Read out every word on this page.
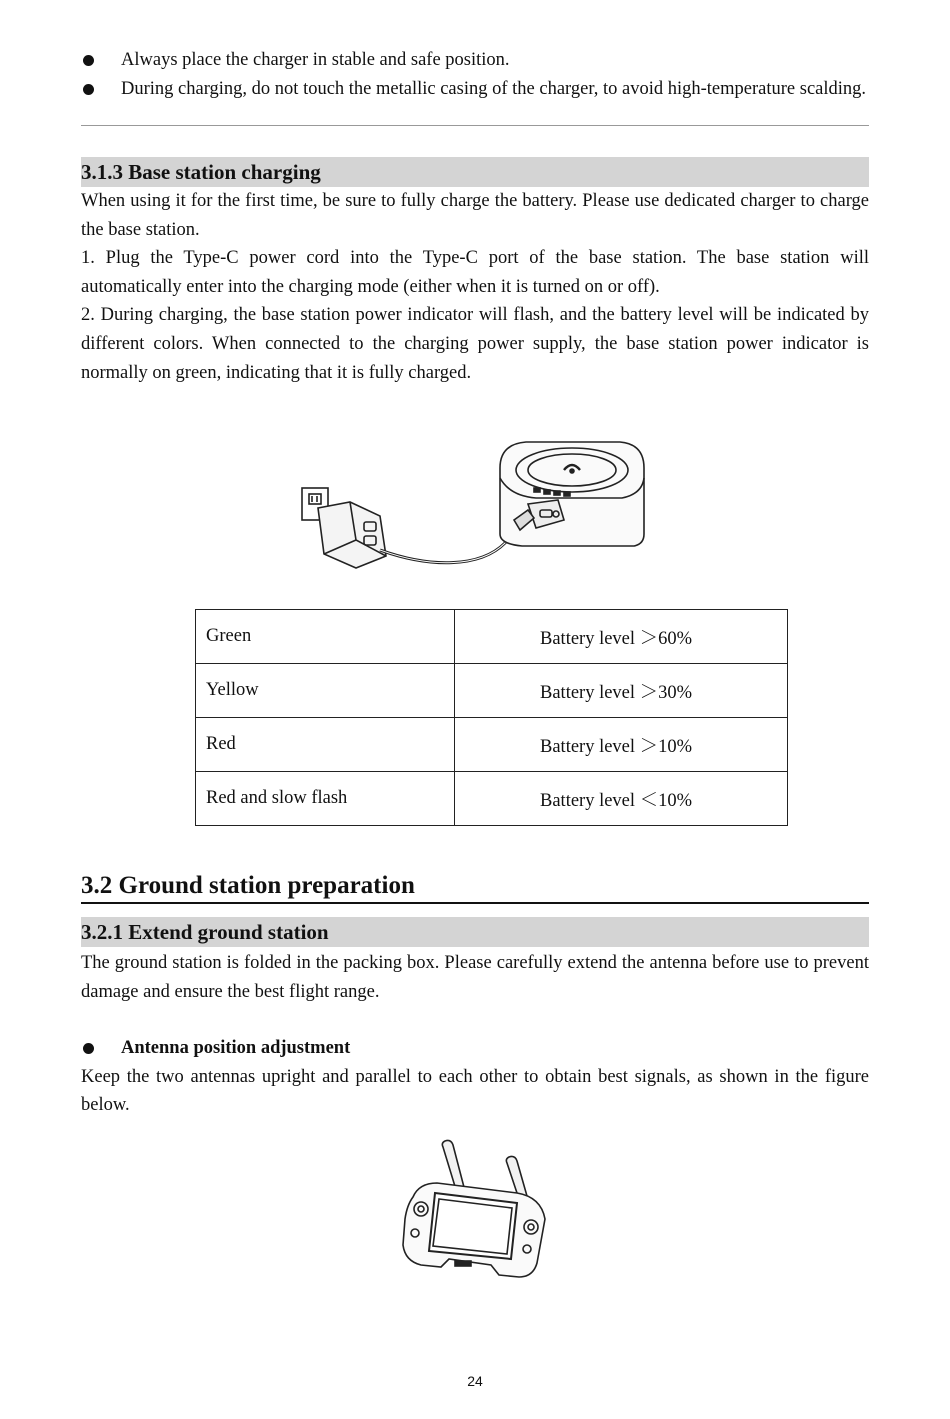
Always place the charger in stable and safe position.
During charging, do not touch the metallic casing of the charger, to avoid high-temperature scalding.
3.1.3 Base station charging

When using it for the first time, be sure to fully charge the battery. Please use dedicated charger to charge the base station.

1. Plug the Type-C power cord into the Type-C port of the base station. The base station will automatically enter into the charging mode (either when it is turned on or off).

2. During charging, the base station power indicator will flash, and the battery level will be indicated by different colors. When connected to the charging power supply, the base station power indicator is normally on green, indicating that it is fully charged.

Green	Battery level ＞60%
Yellow	Battery level ＞30%
Red	Battery level ＞10%
Red and slow flash	Battery level ＜10%
3.2 Ground station preparation
3.2.1 Extend ground station

The ground station is folded in the packing box. Please carefully extend the antenna before use to prevent damage and ensure the best flight range.

Antenna position adjustment

Keep the two antennas upright and parallel to each other to obtain best signals, as shown in the figure below.

24
